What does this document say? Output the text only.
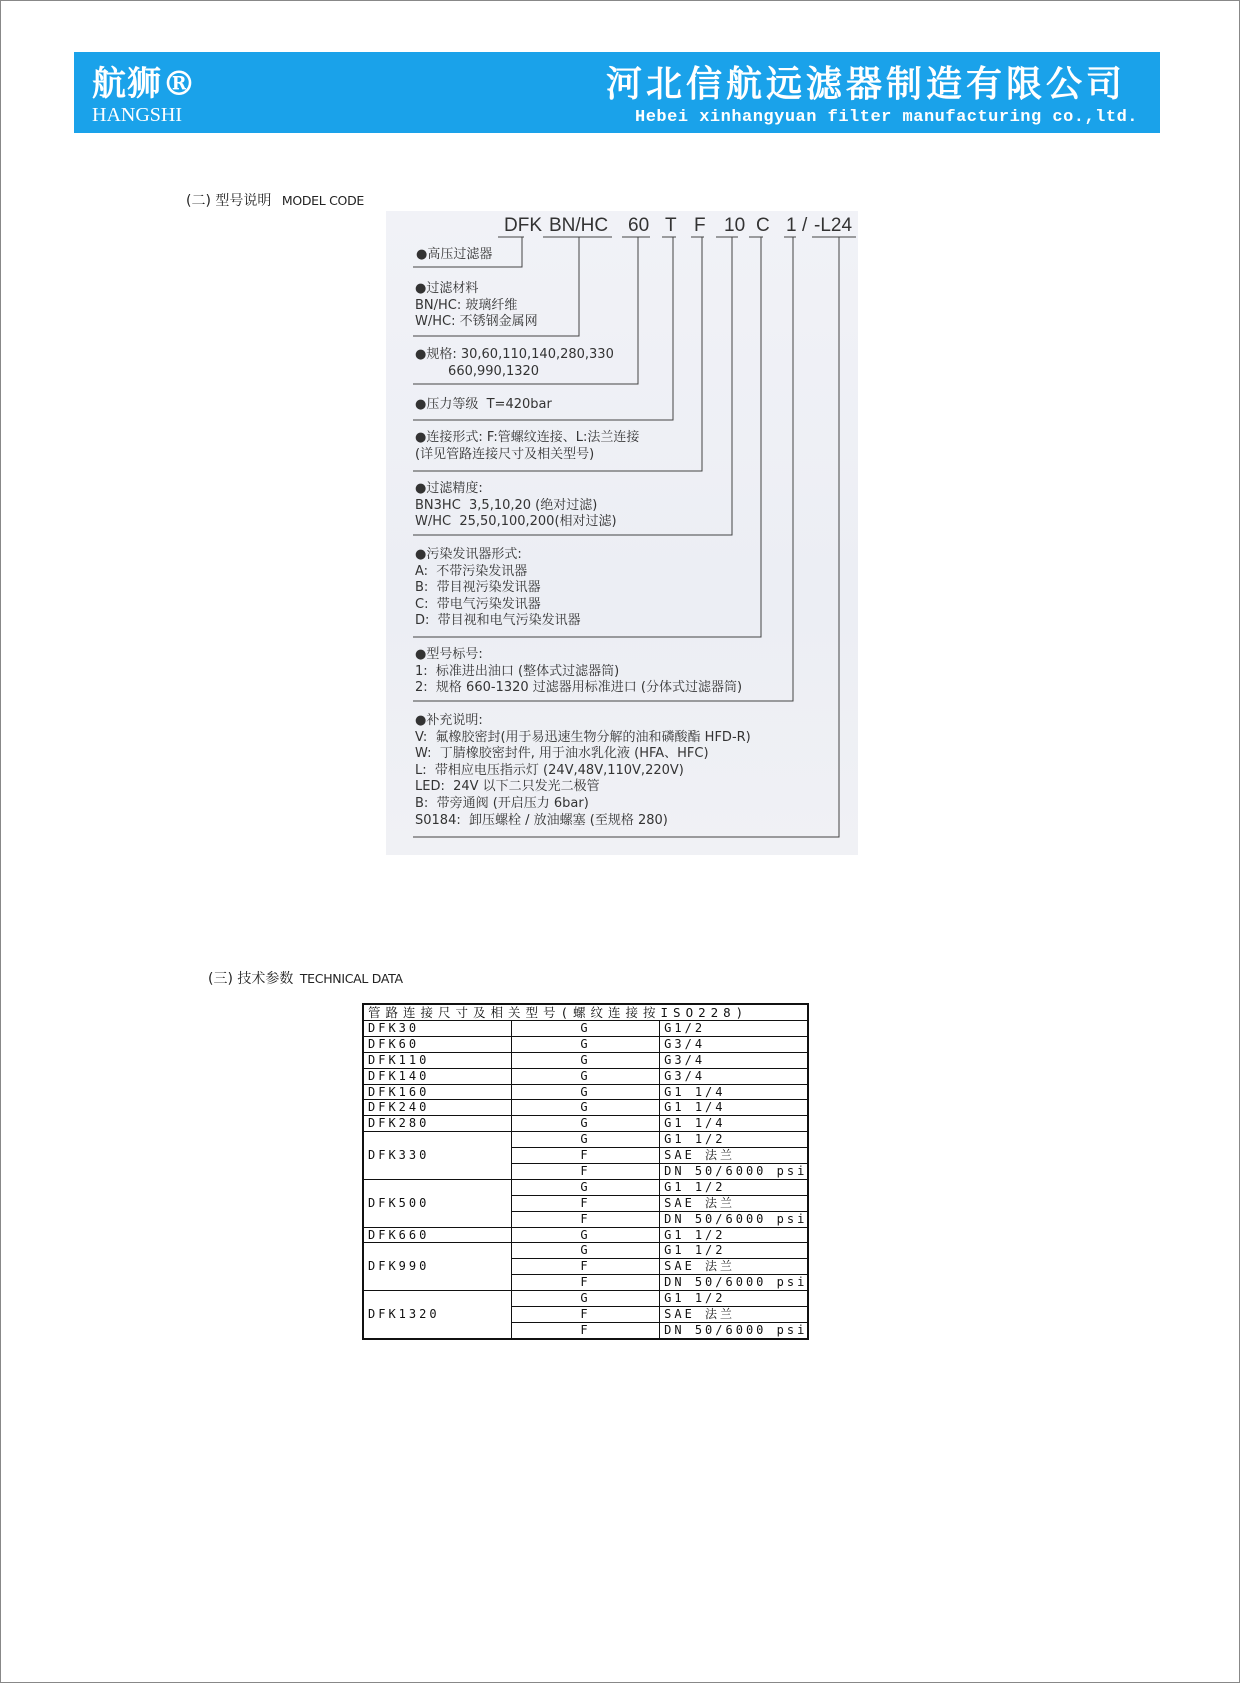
航狮®
HANGSHI
河北信航远滤器制造有限公司
Hebei xinhangyuan filter manufacturing co.,ltd.
(二) 型号说明 MODEL CODE
DFK BN/HC 60 T F 10 C 1 / -L24
●高压过滤器
●过滤材料
BN/HC: 玻璃纤维
W/HC: 不锈钢金属网
●规格: 30,60,110,140,280,330
660,990,1320
●压力等级  T=420bar
●连接形式: F:管螺纹连接、L:法兰连接
(详见管路连接尺寸及相关型号)
●过滤精度:
BN3HC  3,5,10,20 (绝对过滤)
W/HC  25,50,100,200(相对过滤)
●污染发讯器形式:
A:  不带污染发讯器
B:  带目视污染发讯器
C:  带电气污染发讯器
D:  带目视和电气污染发讯器
●型号标号:
1:  标准进出油口 (整体式过滤器筒)
2:  规格 660-1320 过滤器用标准进口 (分体式过滤器筒)
●补充说明:
V:  氟橡胶密封(用于易迅速生物分解的油和磷酸酯 HFD-R)
W:  丁腈橡胶密封件, 用于油水乳化液 (HFA、HFC)
L:  带相应电压指示灯 (24V,48V,110V,220V)
LED:  24V 以下二只发光二极管
B:  带旁通阀 (开启压力 6bar)
S0184:  卸压螺栓 / 放油螺塞 (至规格 280)
(三) 技术参数 TECHNICAL DATA
管路连接尺寸及相关型号(螺纹连接按ISO228)		
DFK30	G	G1/2
DFK60	G	G3/4
DFK110	G	G3/4
DFK140	G	G3/4
DFK160	G	G1 1/4
DFK240	G	G1 1/4
DFK280	G	G1 1/4
DFK330	G	G1 1/2
	F	SAE 法兰
	F	DN 50/6000 psi
DFK500	G	G1 1/2
	F	SAE 法兰
	F	DN 50/6000 psi
DFK660	G	G1 1/2
DFK990	G	G1 1/2
	F	SAE 法兰
	F	DN 50/6000 psi
DFK1320	G	G1 1/2
	F	SAE 法兰
	F	DN 50/6000 psi
